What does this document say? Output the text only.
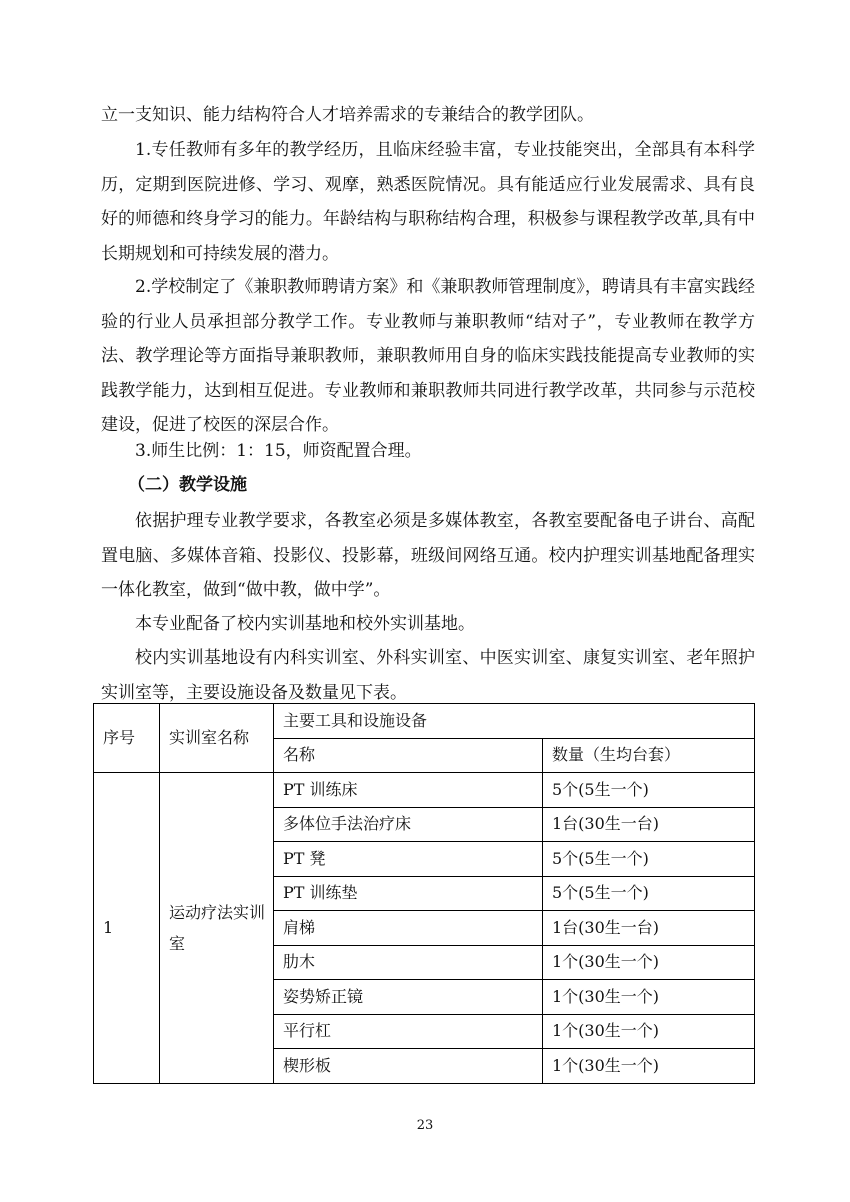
立一支知识、能力结构符合人才培养需求的专兼结合的教学团队。

1.专任教师有多年的教学经历，且临床经验丰富，专业技能突出，全部具有本科学历，定期到医院进修、学习、观摩，熟悉医院情况。具有能适应行业发展需求、具有良好的师德和终身学习的能力。年龄结构与职称结构合理，积极参与课程教学改革,具有中长期规划和可持续发展的潜力。

2.学校制定了《兼职教师聘请方案》和《兼职教师管理制度》，聘请具有丰富实践经验的行业人员承担部分教学工作。专业教师与兼职教师“结对子”，专业教师在教学方法、教学理论等方面指导兼职教师，兼职教师用自身的临床实践技能提高专业教师的实践教学能力，达到相互促进。专业教师和兼职教师共同进行教学改革，共同参与示范校建设，促进了校医的深层合作。

3.师生比例：1：15，师资配置合理。

（二）教学设施

依据护理专业教学要求，各教室必须是多媒体教室，各教室要配备电子讲台、高配置电脑、多媒体音箱、投影仪、投影幕，班级间网络互通。校内护理实训基地配备理实一体化教室，做到“做中教，做中学”。

本专业配备了校内实训基地和校外实训基地。

校内实训基地设有内科实训室、外科实训室、中医实训室、康复实训室、老年照护实训室等，主要设施设备及数量见下表。

序号	实训室名称	主要工具和设施设备	
		名称	数量（生均台套）
1	运动疗法实训室	PT 训练床	5个(5生一个)
		多体位手法治疗床	1台(30生一台)
		PT 凳	5个(5生一个)
		PT 训练垫	5个(5生一个)
		肩梯	1台(30生一台)
		肋木	1个(30生一个)
		姿势矫正镜	1个(30生一个)
		平行杠	1个(30生一个)
		楔形板	1个(30生一个)
23
